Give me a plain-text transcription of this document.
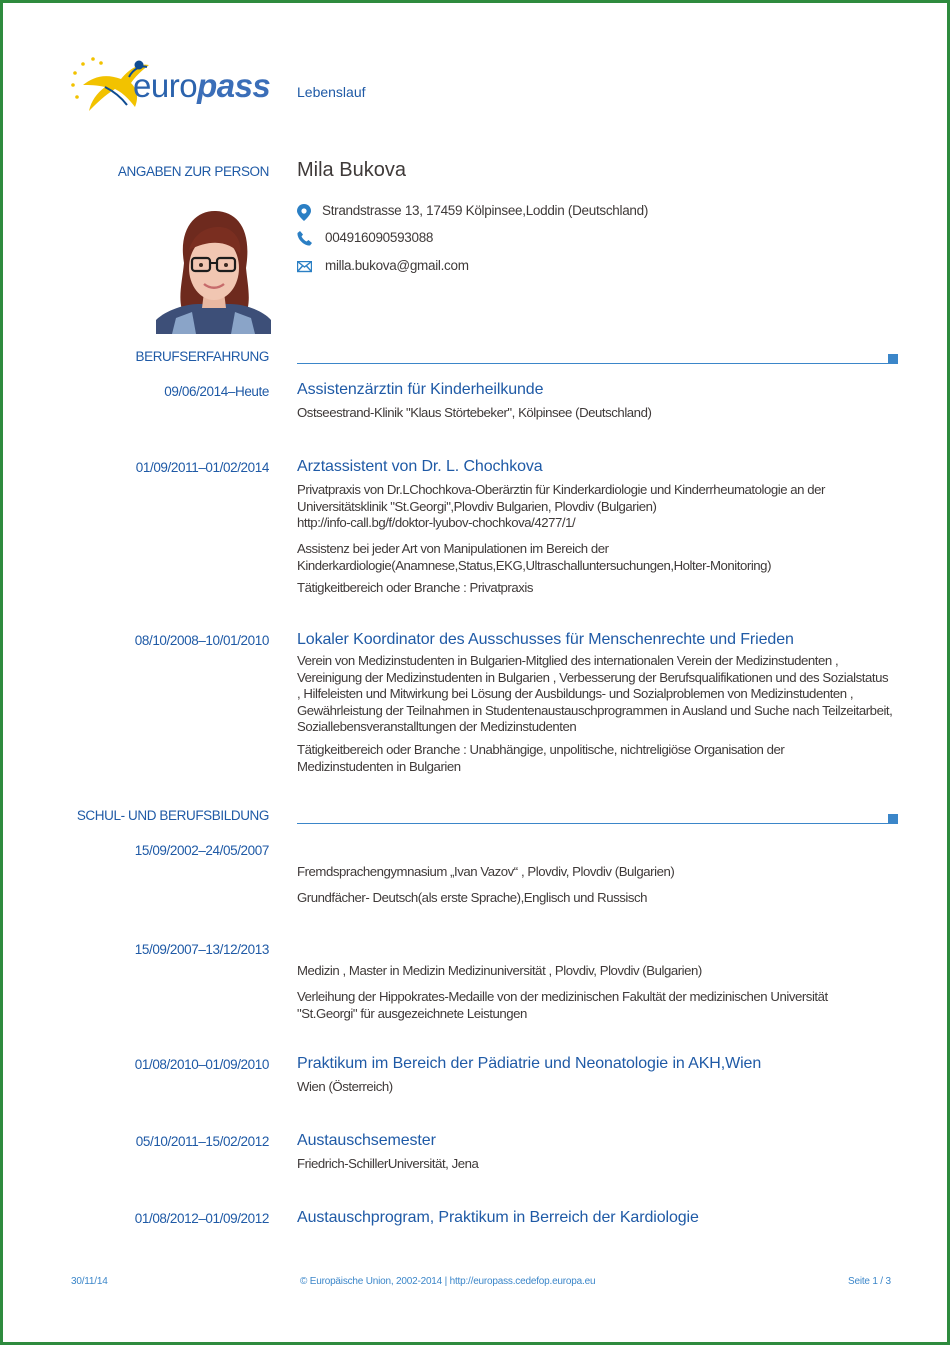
europass Lebenslauf
ANGABEN ZUR PERSON Mila Bukova
Strandstrasse 13, 17459 Kölpinsee,Loddin (Deutschland)
004916090593088
milla.bukova@gmail.com
BERUFSERFAHRUNG
09/06/2014–Heute Assistenzärztin für Kinderheilkunde
Ostseestrand-Klinik "Klaus Störtebeker", Kölpinsee (Deutschland)
01/09/2011–01/02/2014 Arztassistent von Dr. L. Chochkova
Privatpraxis von Dr.LChochkova-Oberärztin für Kinderkardiologie und Kinderrheumatologie an der Universitätsklinik "St.Georgi",Plovdiv Bulgarien, Plovdiv (Bulgarien)
http://info-call.bg/f/doktor-lyubov-chochkova/4277/1/
Assistenz bei jeder Art von Manipulationen im Bereich der Kinderkardiologie(Anamnese,Status,EKG,Ultraschalluntersuchungen,Holter-Monitoring)
Tätigkeitbereich oder Branche : Privatpraxis
08/10/2008–10/01/2010 Lokaler Koordinator des Ausschusses für Menschenrechte und Frieden
Verein von Medizinstudenten in Bulgarien-Mitglied des internationalen Verein der Medizinstudenten , Vereinigung der Medizinstudenten in Bulgarien , Verbesserung der Berufsqualifikationen und des Sozialstatus , Hilfeleisten und Mitwirkung bei Lösung der Ausbildungs- und Sozialproblemen von Medizinstudenten , Gewährleistung der Teilnahmen in Studentenaustauschprogrammen in Ausland und Suche nach Teilzeitarbeit, Soziallebensveranstalltungen der Medizinstudenten
Tätigkeitbereich oder Branche : Unabhängige, unpolitische, nichtreligiöse Organisation der Medizinstudenten in Bulgarien
SCHUL- UND BERUFSBILDUNG
15/09/2002–24/05/2007
Fremdsprachengymnasium „Ivan Vazov“ , Plovdiv, Plovdiv (Bulgarien)
Grundfächer- Deutsch(als erste Sprache),Englisch und Russisch
15/09/2007–13/12/2013
Medizin , Master in Medizin Medizinuniversität , Plovdiv, Plovdiv (Bulgarien)
Verleihung der Hippokrates-Medaille von der medizinischen Fakultät der medizinischen Universität "St.Georgi" für ausgezeichnete Leistungen
01/08/2010–01/09/2010 Praktikum im Bereich der Pädiatrie und Neonatologie in AKH,Wien
Wien (Österreich)
05/10/2011–15/02/2012 Austauschsemester
Friedrich-SchillerUniversität, Jena
01/08/2012–01/09/2012 Austauschprogram, Praktikum in Berreich der Kardiologie
30/11/14	© Europäische Union, 2002-2014 | http://europass.cedefop.europa.eu	Seite 1 / 3
